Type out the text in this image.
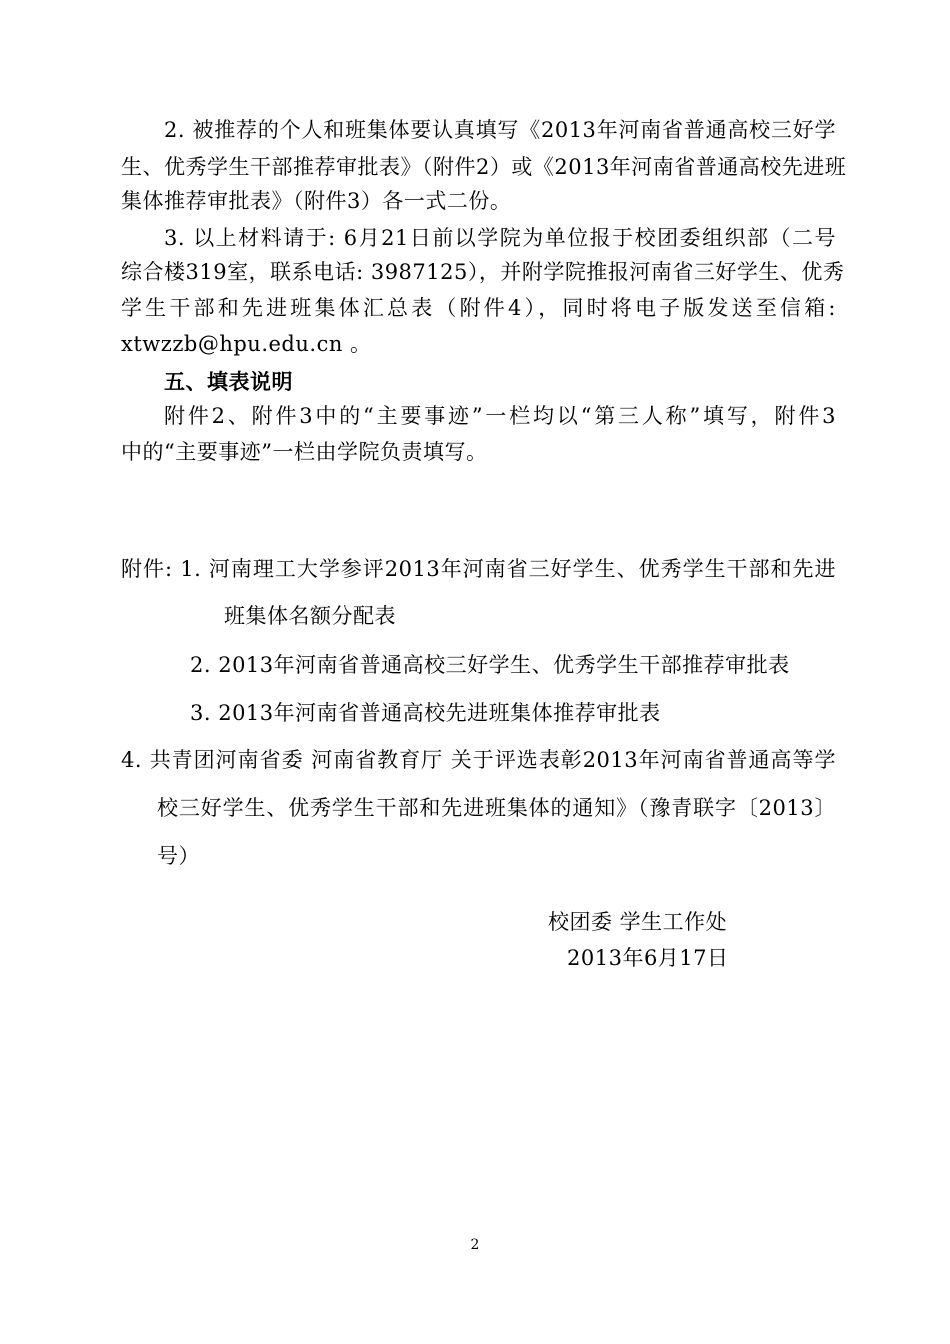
2. 被推荐的个人和班集体要认真填写《2013年河南省普通高校三好学
生、优秀学生干部推荐审批表》（附件2）或《2013年河南省普通高校先进班
集体推荐审批表》（附件3）各一式二份。
3. 以上材料请于: 6月21日前以学院为单位报于校团委组织部（二号
综合楼319室，联系电话: 3987125），并附学院推报河南省三好学生、优秀
学生干部和先进班集体汇总表（附件4），同时将电子版发送至信箱:
xtwzzb@hpu.edu.cn 。
五、填表说明
附件2、附件3中的“主要事迹”一栏均以“第三人称”填写，附件3
中的“主要事迹”一栏由学院负责填写。
附件: 1. 河南理工大学参评2013年河南省三好学生、优秀学生干部和先进
班集体名额分配表
2. 2013年河南省普通高校三好学生、优秀学生干部推荐审批表
3. 2013年河南省普通高校先进班集体推荐审批表
4. 共青团河南省委 河南省教育厅 关于评选表彰2013年河南省普通高等学
校三好学生、优秀学生干部和先进班集体的通知》（豫青联字〔2013〕
号）
校团委 学生工作处
2013年6月17日
2
